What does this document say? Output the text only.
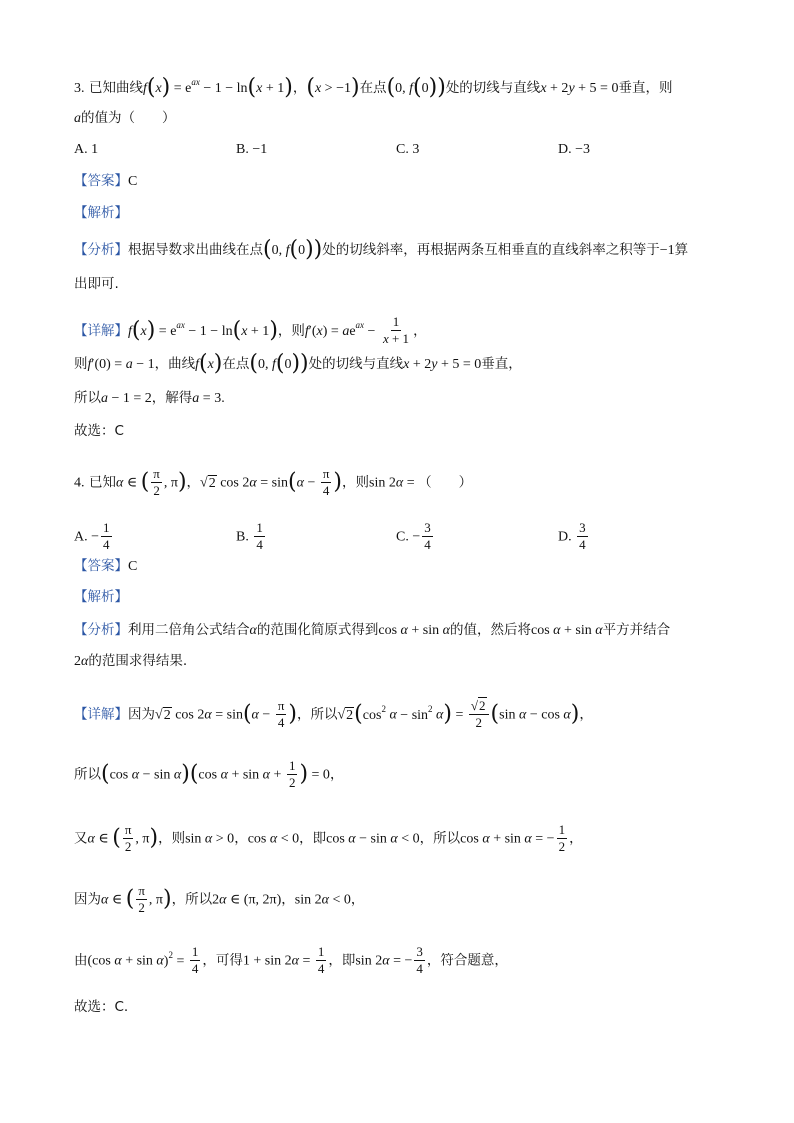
3. 已知曲线$f(x) = e^{ax} - 1 - \ln(x + 1)$，(x > −1)在点(0, f(0))处的切线与直线x + 2y + 5 = 0垂直，则
a的值为（　　）
A. 1	B. −1	C. 3	D. −3
【答案】C
【解析】
【分析】根据导数求出曲线在点(0, f(0))处的切线斜率，再根据两条互相垂直的直线斜率之积等于−1算
出即可.
【详解】$f(x) = e^{ax} - 1 - \ln(x + 1)$，则$f'(x) = ae^{ax} - \frac{1}{x + 1}$ ，
则f′(0) = a − 1，曲线f(x)在点(0, f(0))处的切线与直线x + 2y + 5 = 0垂直，
所以a − 1 = 2，解得a = 3.
故选：C
4. 已知α ∈ ( $\frac{\pi}{2}$ , π)，√2 $\cos 2\alpha = \sin(\alpha - \frac{\pi}{4}$ )，则sin 2α = （　　）
A. − $\frac{1}{4}$	B. $\frac{1}{4}$	C. − $\frac{3}{4}$	D. $\frac{3}{4}$
【答案】C
【解析】
【分析】利用二倍角公式结合α的范围化简原式得到cos α + sin α的值，然后将cos α + sin α平方并结合
2α的范围求得结果.
【详解】因为√2 $\cos 2\alpha = \sin(\alpha - \frac{\pi}{4}$ )，所以$√2(\cos^2$ $\alpha - \sin^2 \alpha) = \frac{√2}{2} (\sin$ α − cos α)，
所以(cos α − sin α)(cos $\alpha + \sin \alpha + \frac{1}{2}$ ) = 0，
又α ∈ ( $\frac{\pi}{2}$ , π)，则sin α > 0，cos α < 0，即cos α − sin α < 0，所以cos α + sin α = − $\frac{1}{2}$ ，
因为α ∈ ( $\frac{\pi}{2}$ , π)，所以2α ∈ (π, 2π)，sin 2α < 0，
由(cos $\alpha + \sin \alpha)^2 = \frac{1}{4}$ ，可得$1 + \sin 2\alpha = \frac{1}{4}$ ，即sin 2α = − $\frac{3}{4}$ ，符合题意，
故选：C.
